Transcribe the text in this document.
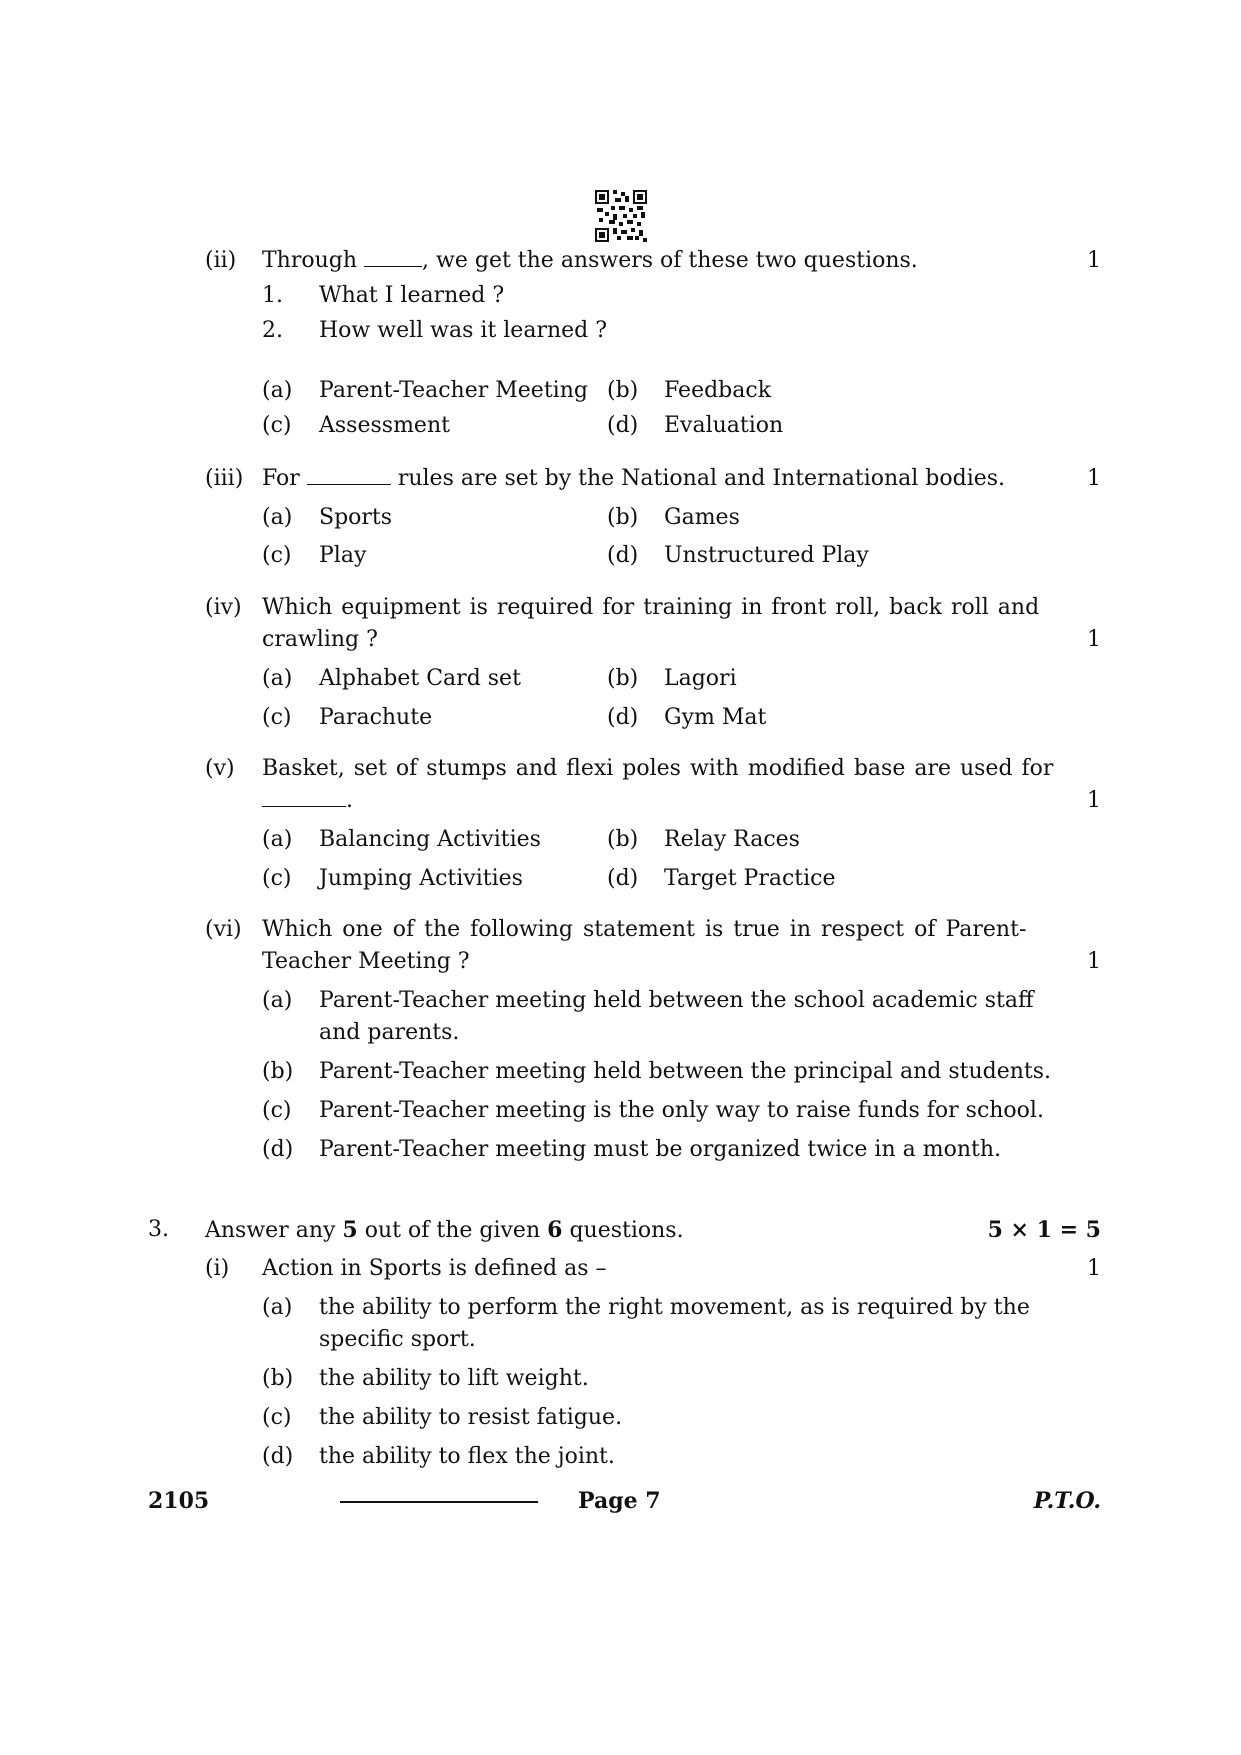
(ii) Through	, we get the answers of these two questions.
1. What I learned ?
2. How well was it learned ?
(a) Parent-Teacher Meeting (b) Feedback
(c) Assessment	(d) Evaluation
1
(iii) For	rules are set by the National and International bodies.
(a) Sports	(b) Games
(c) Play	(d) Unstructured Play
1
(iv) Which equipment is required for training in front roll, back roll and
crawling ?
(a) Alphabet Card set	(b) Lagori
(c) Parachute	(d) Gym Mat
1
(v) Basket, set of stumps and flexi poles with modified base are used for
.
(a) Balancing Activities	(b) Relay Races
(c) Jumping Activities	(d) Target Practice
1
(vi) Which one of the following statement is true in respect of Parent-
Teacher Meeting ?
(a) Parent-Teacher meeting held between the school academic staff
and parents.
(b) Parent-Teacher meeting held between the principal and students.
(c) Parent-Teacher meeting is the only way to raise funds for school.
(d) Parent-Teacher meeting must be organized twice in a month.
1
3. Answer any 5 out of the given 6 questions.
(i) Action in Sports is defined as –
(a) the ability to perform the right movement, as is required by the
specific sport.
(b) the ability to lift weight.
(c) the ability to resist fatigue.
(d) the ability to flex the joint.
5 × 1 = 5
1
2105	Page 7	P.T.O.
